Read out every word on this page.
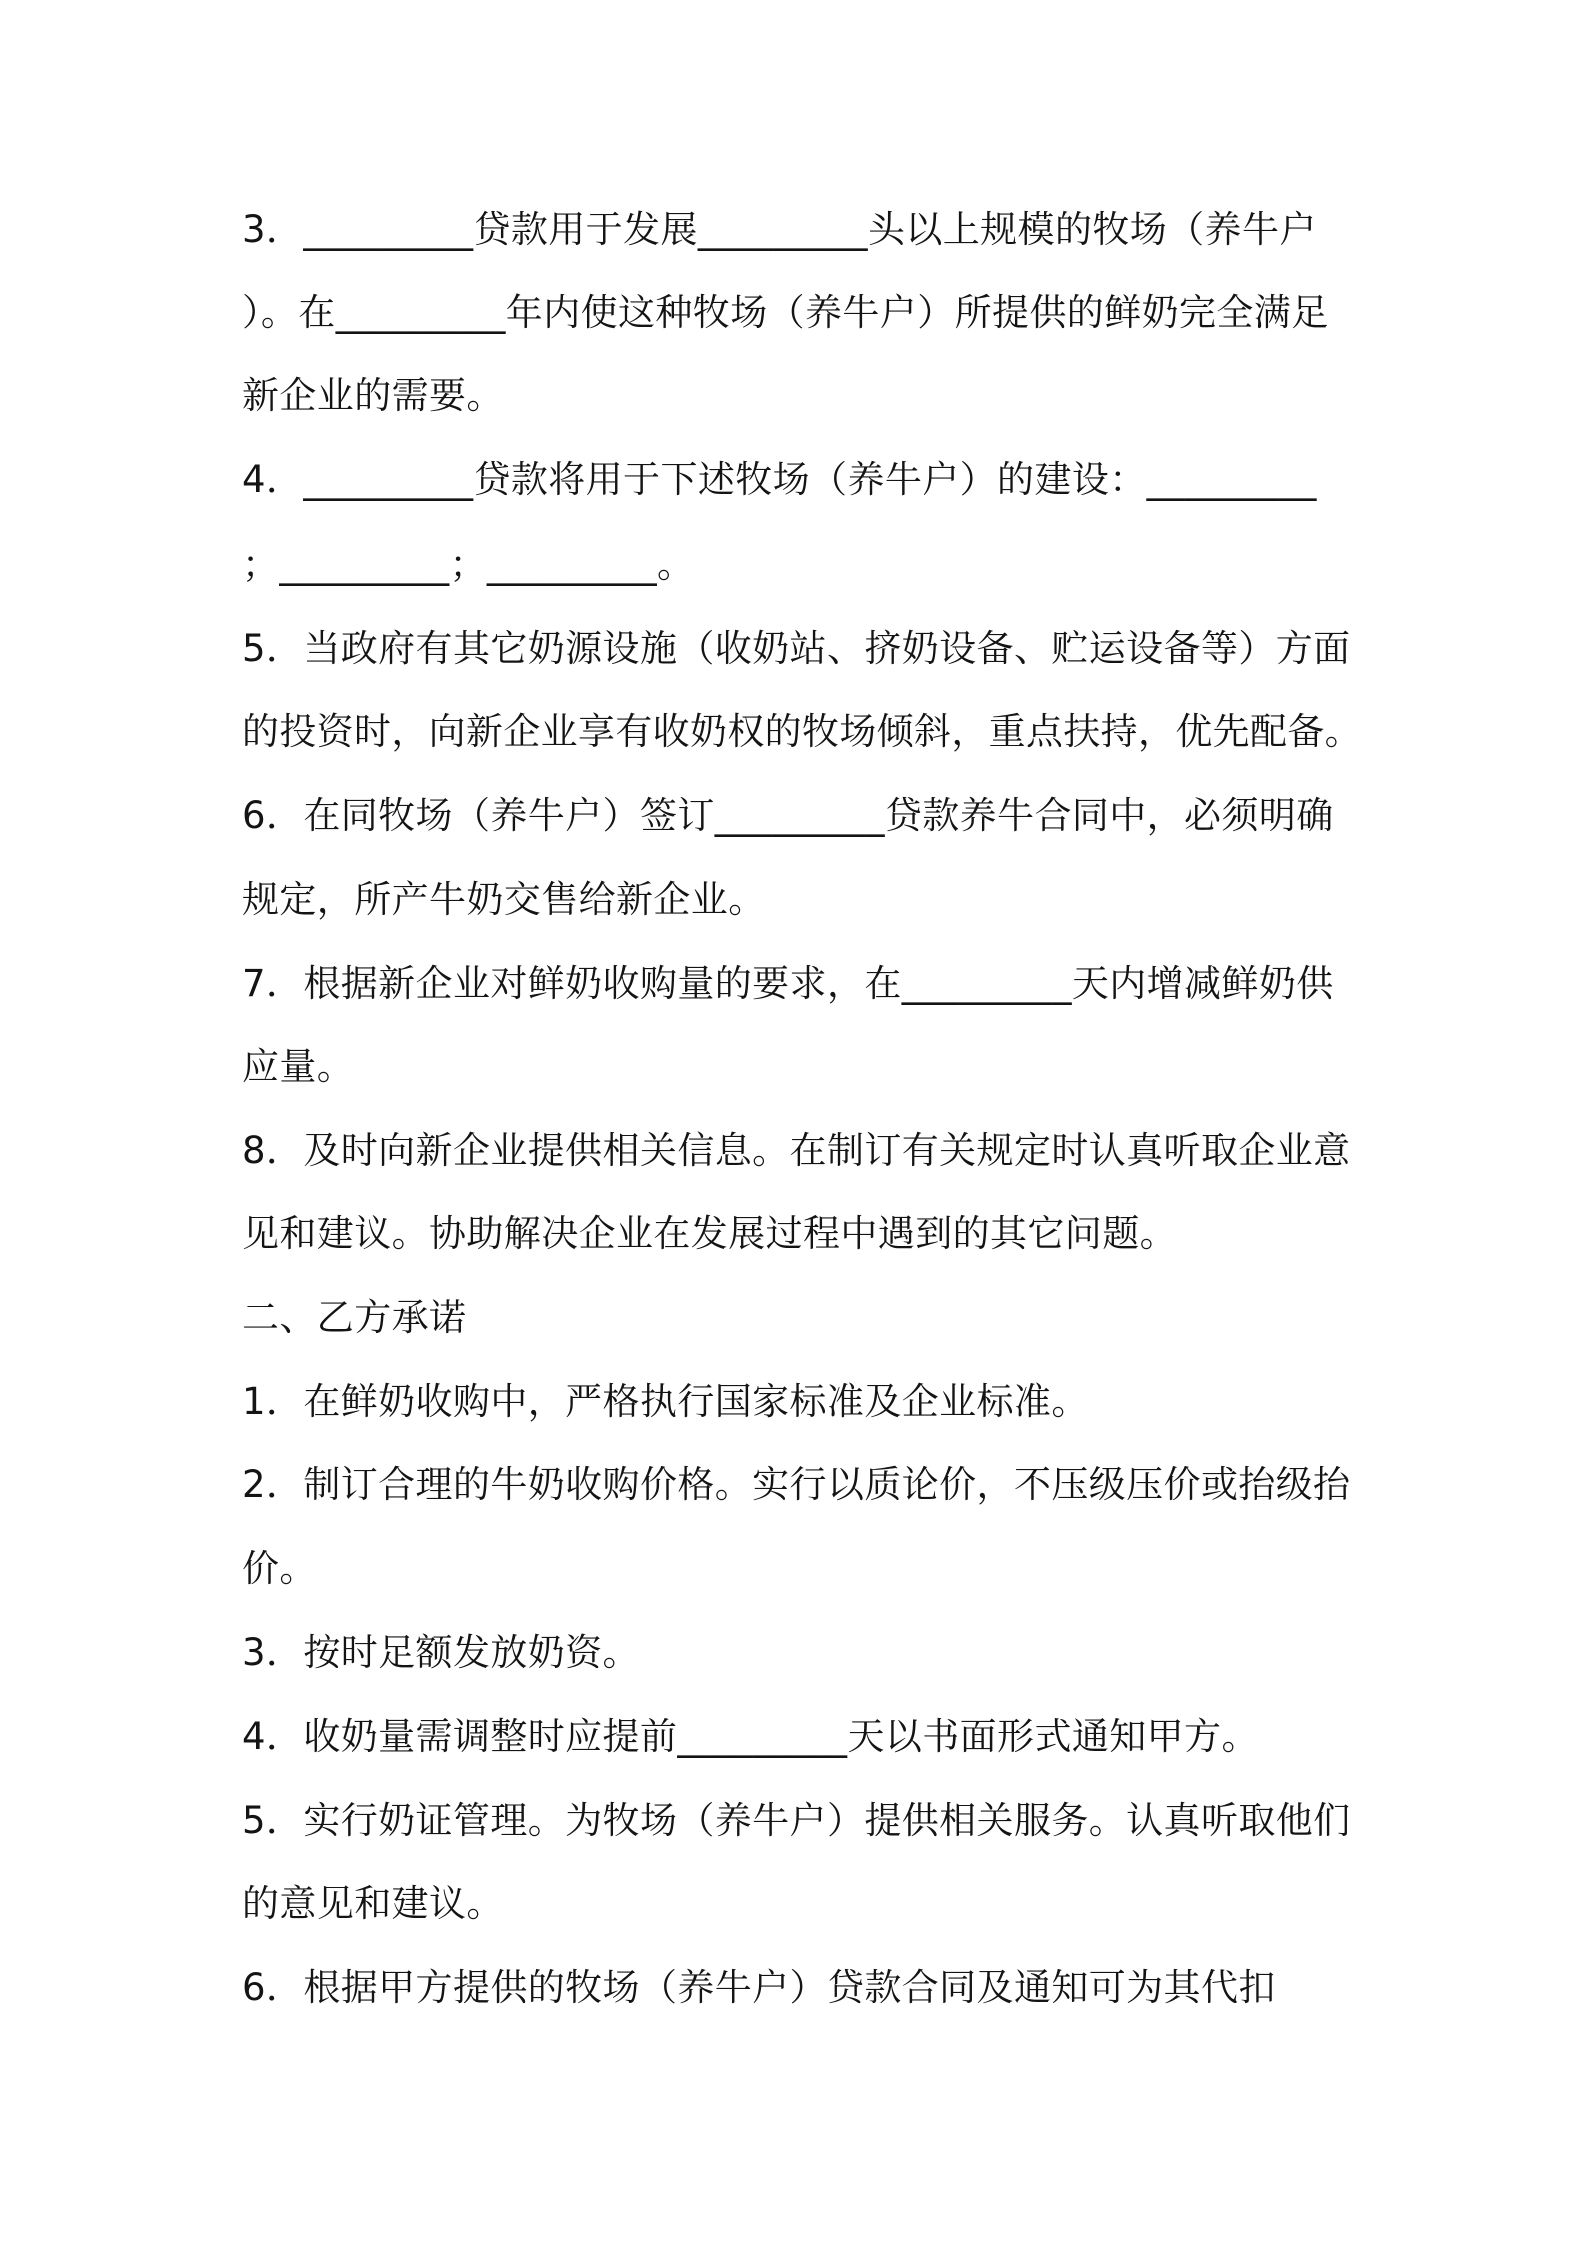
3．_________贷款用于发展_________头以上规模的牧场（养牛户
）。在_________年内使这种牧场（养牛户）所提供的鲜奶完全满足
新企业的需要。
4．_________贷款将用于下述牧场（养牛户）的建设：_________
；_________；_________。
5．当政府有其它奶源设施（收奶站、挤奶设备、贮运设备等）方面
的投资时，向新企业享有收奶权的牧场倾斜，重点扶持，优先配备。
6．在同牧场（养牛户）签订_________贷款养牛合同中，必须明确
规定，所产牛奶交售给新企业。
7．根据新企业对鲜奶收购量的要求，在_________天内增减鲜奶供
应量。
8．及时向新企业提供相关信息。在制订有关规定时认真听取企业意
见和建议。协助解决企业在发展过程中遇到的其它问题。
二、乙方承诺
1．在鲜奶收购中，严格执行国家标准及企业标准。
2．制订合理的牛奶收购价格。实行以质论价，不压级压价或抬级抬
价。
3．按时足额发放奶资。
4．收奶量需调整时应提前_________天以书面形式通知甲方。
5．实行奶证管理。为牧场（养牛户）提供相关服务。认真听取他们
的意见和建议。
6．根据甲方提供的牧场（养牛户）贷款合同及通知可为其代扣
